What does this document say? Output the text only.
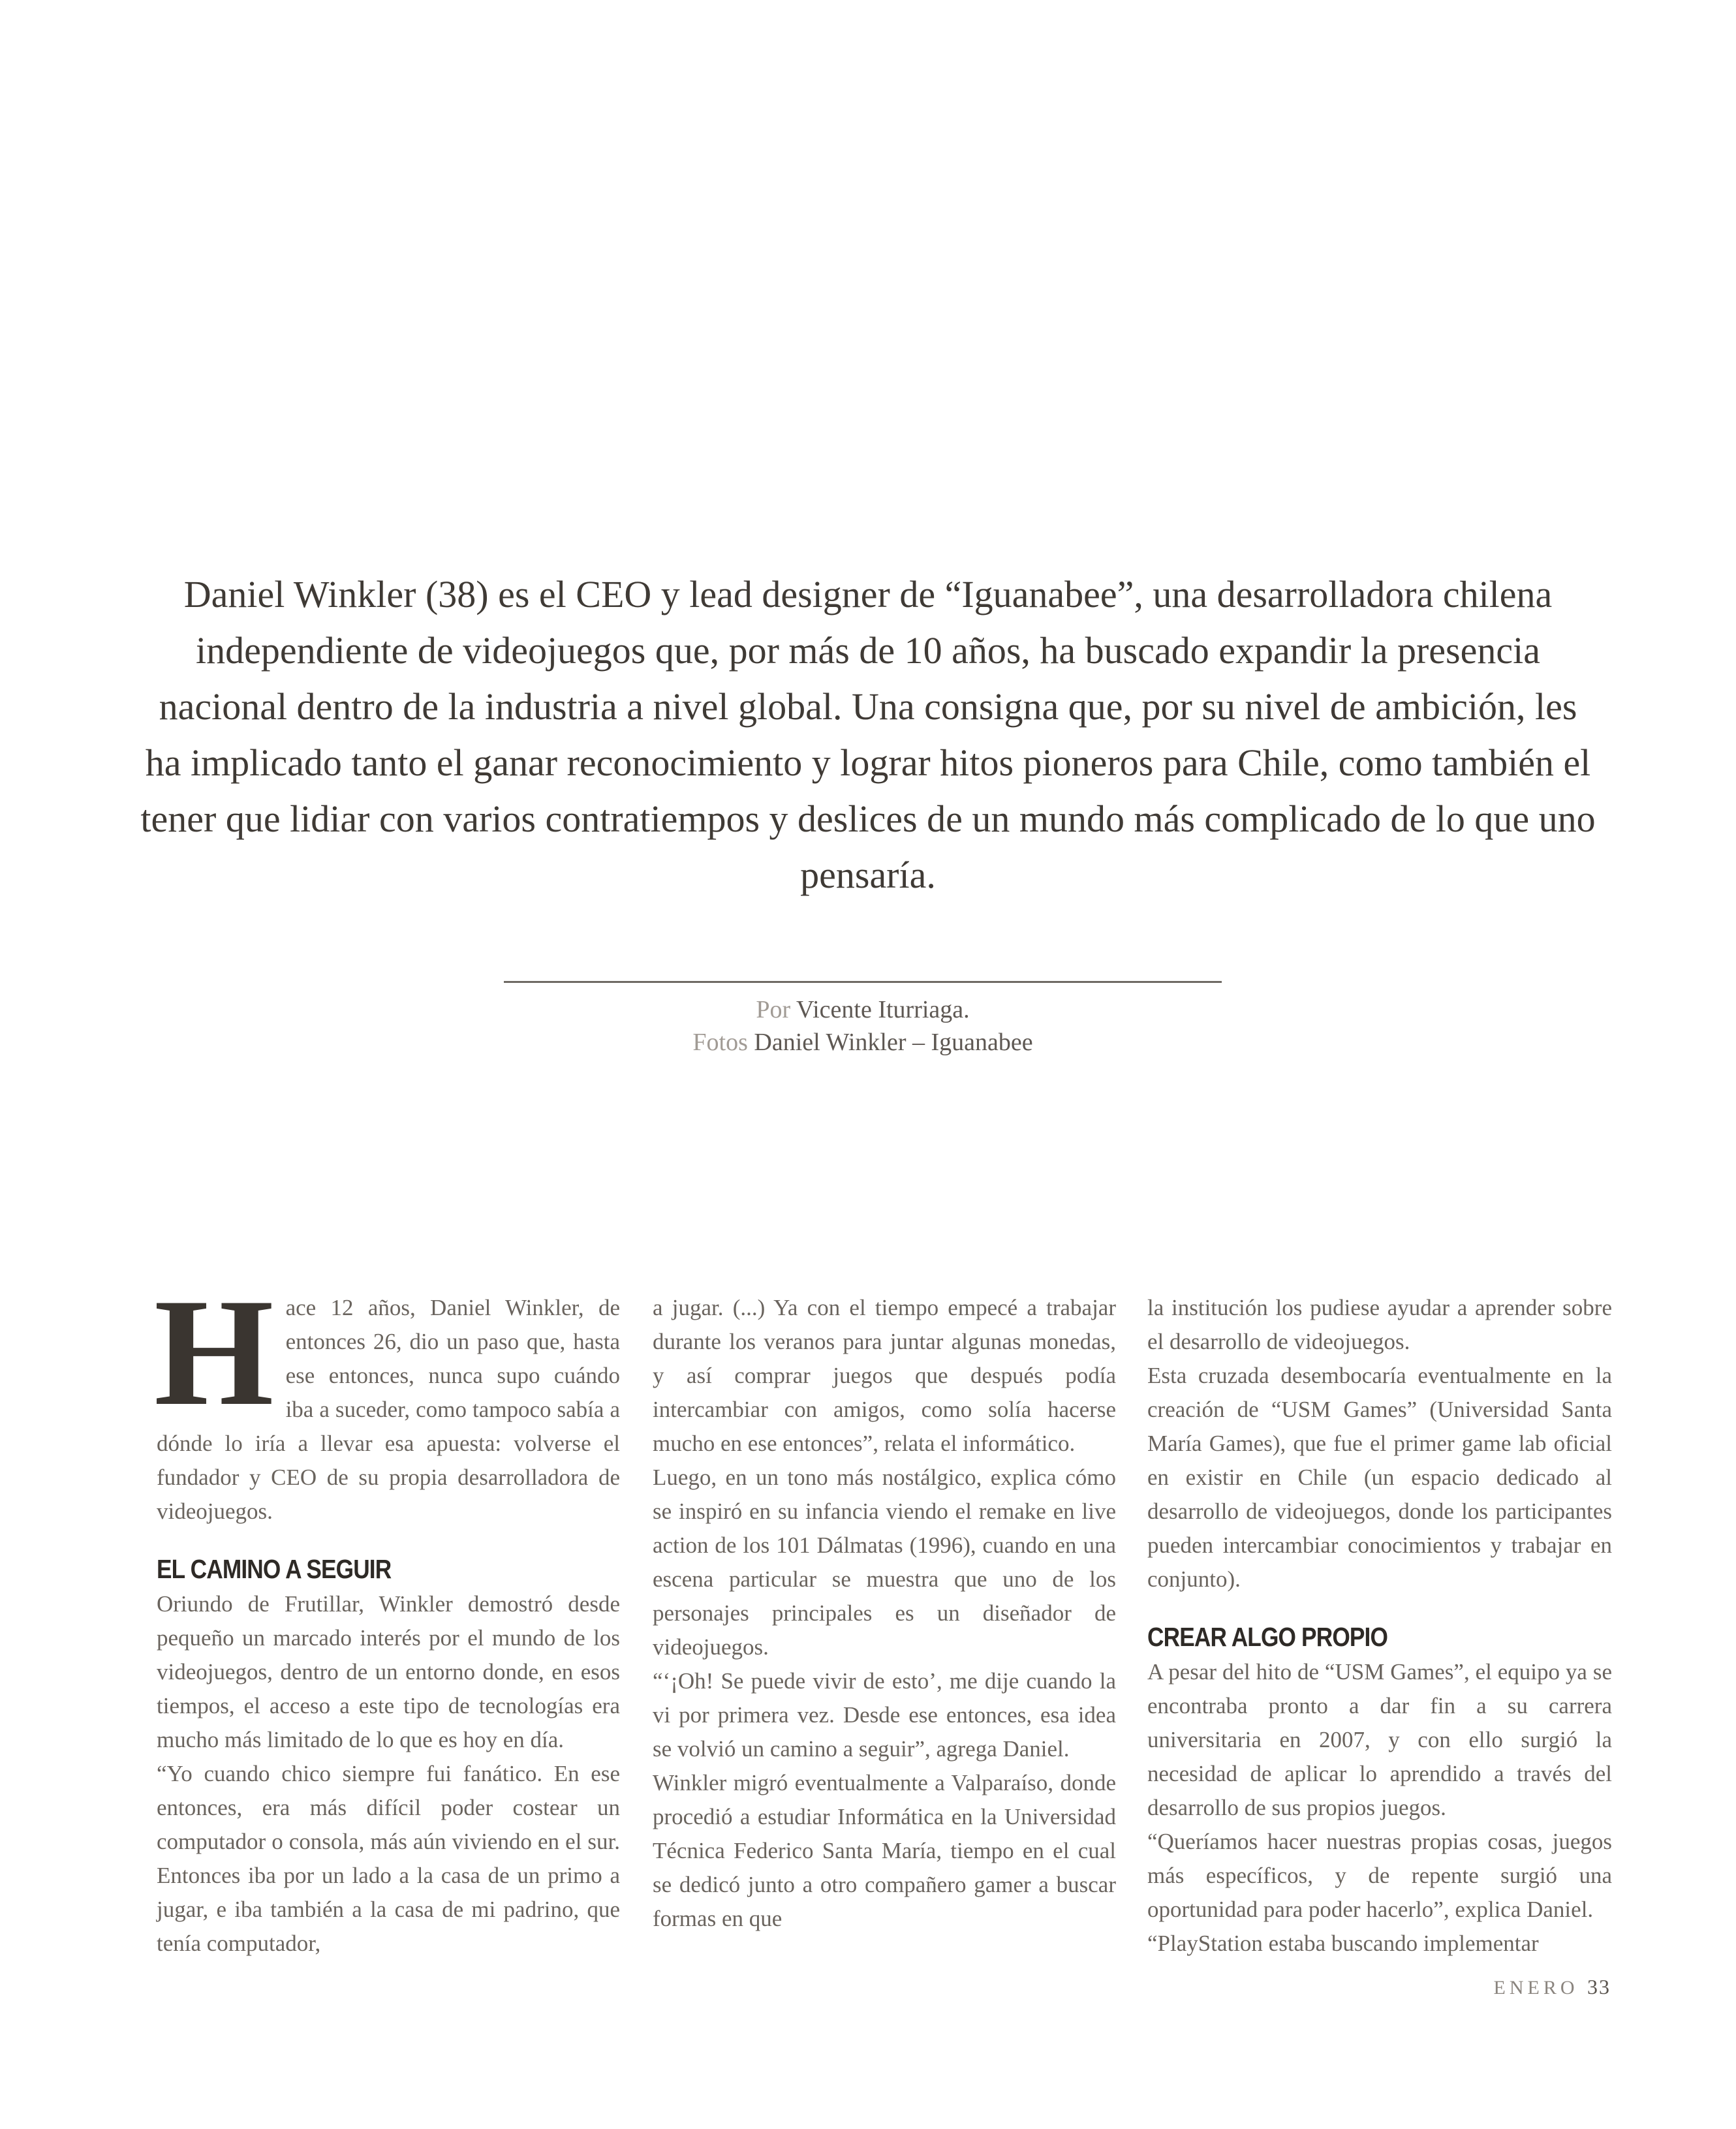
Daniel Winkler (38) es el CEO y lead designer de “Iguanabee”, una desarrolladora chilena independiente de videojuegos que, por más de 10 años, ha buscado expandir la presencia nacional dentro de la industria a nivel global. Una consigna que, por su nivel de ambición, les ha implicado tanto el ganar reconocimiento y lograr hitos pioneros para Chile, como también el tener que lidiar con varios contratiempos y deslices de un mundo más complicado de lo que uno pensaría.

Por Vicente Iturriaga.
Fotos Daniel Winkler – Iguanabee

Hace 12 años, Daniel Winkler, de entonces 26, dio un paso que, hasta ese entonces, nunca supo cuándo iba a suceder, como tampoco sabía a dónde lo iría a llevar esa apuesta: volverse el fundador y CEO de su propia desarrolladora de videojuegos.

EL CAMINO A SEGUIR

Oriundo de Frutillar, Winkler demostró desde pequeño un marcado interés por el mundo de los videojuegos, dentro de un entorno donde, en esos tiempos, el acceso a este tipo de tecnologías era mucho más limitado de lo que es hoy en día.

“Yo cuando chico siempre fui fanático. En ese entonces, era más difícil poder costear un computador o consola, más aún viviendo en el sur. Entonces iba por un lado a la casa de un primo a jugar, e iba también a la casa de mi padrino, que tenía computador,

a jugar. (...) Ya con el tiempo empecé a trabajar durante los veranos para juntar algunas monedas, y así comprar juegos que después podía intercambiar con amigos, como solía hacerse mucho en ese entonces”, relata el informático.

Luego, en un tono más nostálgico, explica cómo se inspiró en su infancia viendo el remake en live action de los 101 Dálmatas (1996), cuando en una escena particular se muestra que uno de los personajes principales es un diseñador de videojuegos.

“‘¡Oh! Se puede vivir de esto’, me dije cuando la vi por primera vez. Desde ese entonces, esa idea se volvió un camino a seguir”, agrega Daniel.

Winkler migró eventualmente a Valparaíso, donde procedió a estudiar Informática en la Universidad Técnica Federico Santa María, tiempo en el cual se dedicó junto a otro compañero gamer a buscar formas en que

la institución los pudiese ayudar a aprender sobre el desarrollo de videojuegos.

Esta cruzada desembocaría eventualmente en la creación de “USM Games” (Universidad Santa María Games), que fue el primer game lab oficial en existir en Chile (un espacio dedicado al desarrollo de videojuegos, donde los participantes pueden intercambiar conocimientos y trabajar en conjunto).

CREAR ALGO PROPIO

A pesar del hito de “USM Games”, el equipo ya se encontraba pronto a dar fin a su carrera universitaria en 2007, y con ello surgió la necesidad de aplicar lo aprendido a través del desarrollo de sus propios juegos.

“Queríamos hacer nuestras propias cosas, juegos más específicos, y de repente surgió una oportunidad para poder hacerlo”, explica Daniel.

“PlayStation estaba buscando implementar

ENERO 33
